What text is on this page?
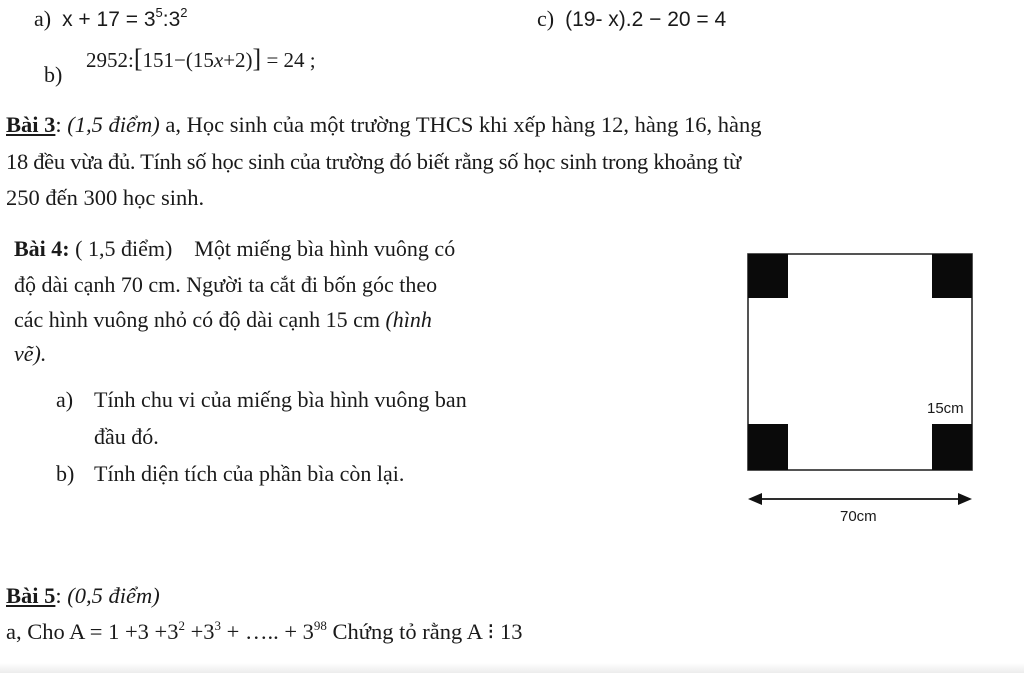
a) $x + 17 = 3^5:3^2$	c) (19- x).2 − 20 = 4
b)
2952:[151−(15x+2)] = 24 ;
Bài 3: (1,5 điểm) a, Học sinh của một trường THCS khi xếp hàng 12, hàng 16, hàng
18 đều vừa đủ. Tính số học sinh của trường đó biết rằng số học sinh trong khoảng từ
250 đến 300 học sinh.
Bài 4: ( 1,5 điểm) Một miếng bìa hình vuông có
độ dài cạnh 70 cm. Người ta cắt đi bốn góc theo
các hình vuông nhỏ có độ dài cạnh 15 cm (hình
vẽ).
a) Tính chu vi của miếng bìa hình vuông ban
đầu đó.
b) Tính diện tích của phần bìa còn lại.
15cm
70cm
Bài 5: (0,5 điểm)
a, Cho $A = 1 +3 +3^2 +3^3$ + ….. + $3^{98}$ Chứng tỏ rằng A ⁝ 13
